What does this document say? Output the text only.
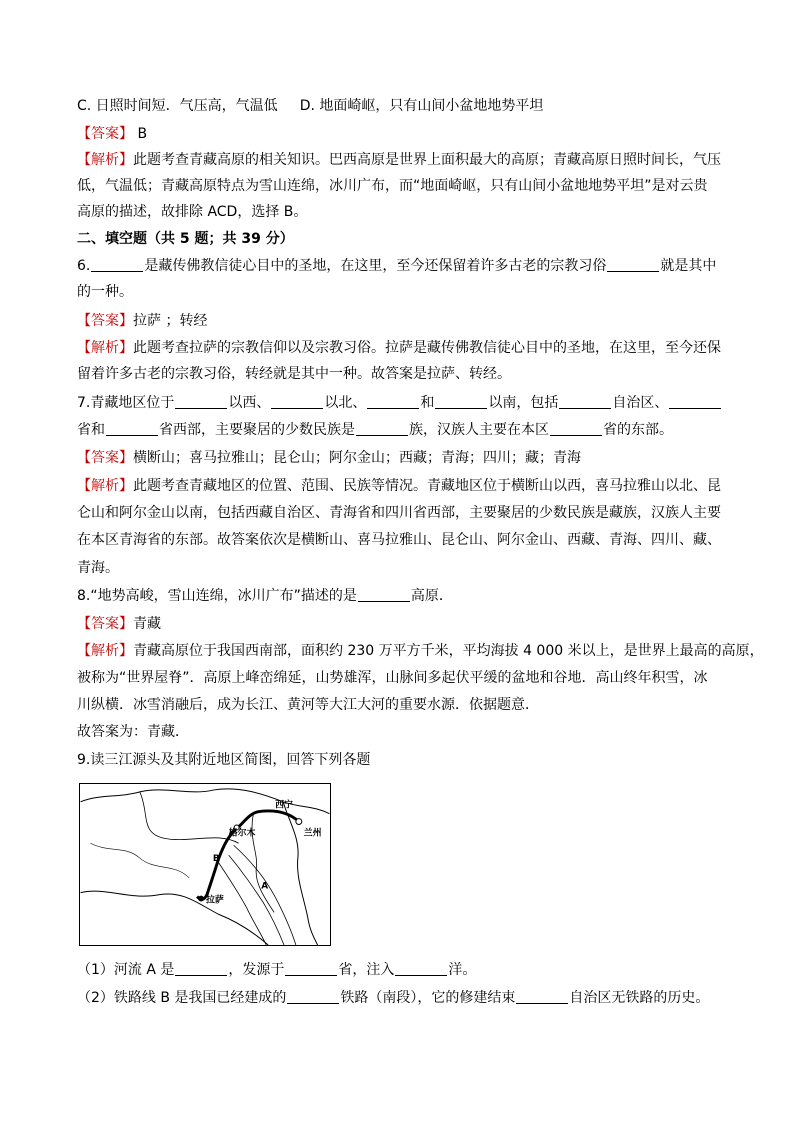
C. 日照时间短．气压高，气温低 D. 地面崎岖，只有山间小盆地地势平坦
【答案】 B
【解析】此题考查青藏高原的相关知识。巴西高原是世界上面积最大的高原；青藏高原日照时间长，气压
低，气温低；青藏高原特点为雪山连绵，冰川广布，而“地面崎岖，只有山间小盆地地势平坦”是对云贵
高原的描述，故排除 ACD，选择 B。
二、填空题（共 5 题；共 39 分）
6.	是藏传佛教信徒心目中的圣地，在这里，至今还保留着许多古老的宗教习俗	就是其中
的一种。
【答案】拉萨 ；转经
【解析】此题考查拉萨的宗教信仰以及宗教习俗。拉萨是藏传佛教信徒心目中的圣地，在这里，至今还保
留着许多古老的宗教习俗，转经就是其中一种。故答案是拉萨、转经。
7.青藏地区位于	以西、	以北、	和	以南，包括	自治区、
省和	省西部，主要聚居的少数民族是	族，汉族人主要在本区	省的东部。
【答案】横断山；喜马拉雅山；昆仑山；阿尔金山；西藏；青海；四川；藏；青海
【解析】此题考查青藏地区的位置、范围、民族等情况。青藏地区位于横断山以西，喜马拉雅山以北、昆
仑山和阿尔金山以南，包括西藏自治区、青海省和四川省西部，主要聚居的少数民族是藏族，汉族人主要
在本区青海省的东部。故答案依次是横断山、喜马拉雅山、昆仑山、阿尔金山、西藏、青海、四川、藏、
青海。
8.“地势高峻，雪山连绵，冰川广布”描述的是	高原．
【答案】青藏
【解析】青藏高原位于我国西南部，面积约 230 万平方千米，平均海拔 4 000 米以上，是世界上最高的高原，
被称为“世界屋脊”．高原上峰峦绵延，山势雄浑，山脉间多起伏平缓的盆地和谷地．高山终年积雪，冰
川纵横．冰雪消融后，成为长江、黄河等大江大河的重要水源．依据题意．
故答案为：青藏．
9.读三江源头及其附近地区简图，回答下列各题
西宁
格尔木	兰州
拉萨
B
A
（1）河流 A 是	，发源于	省，注入	洋。
（2）铁路线 B 是我国已经建成的	铁路（南段），它的修建结束	自治区无铁路的历史。
